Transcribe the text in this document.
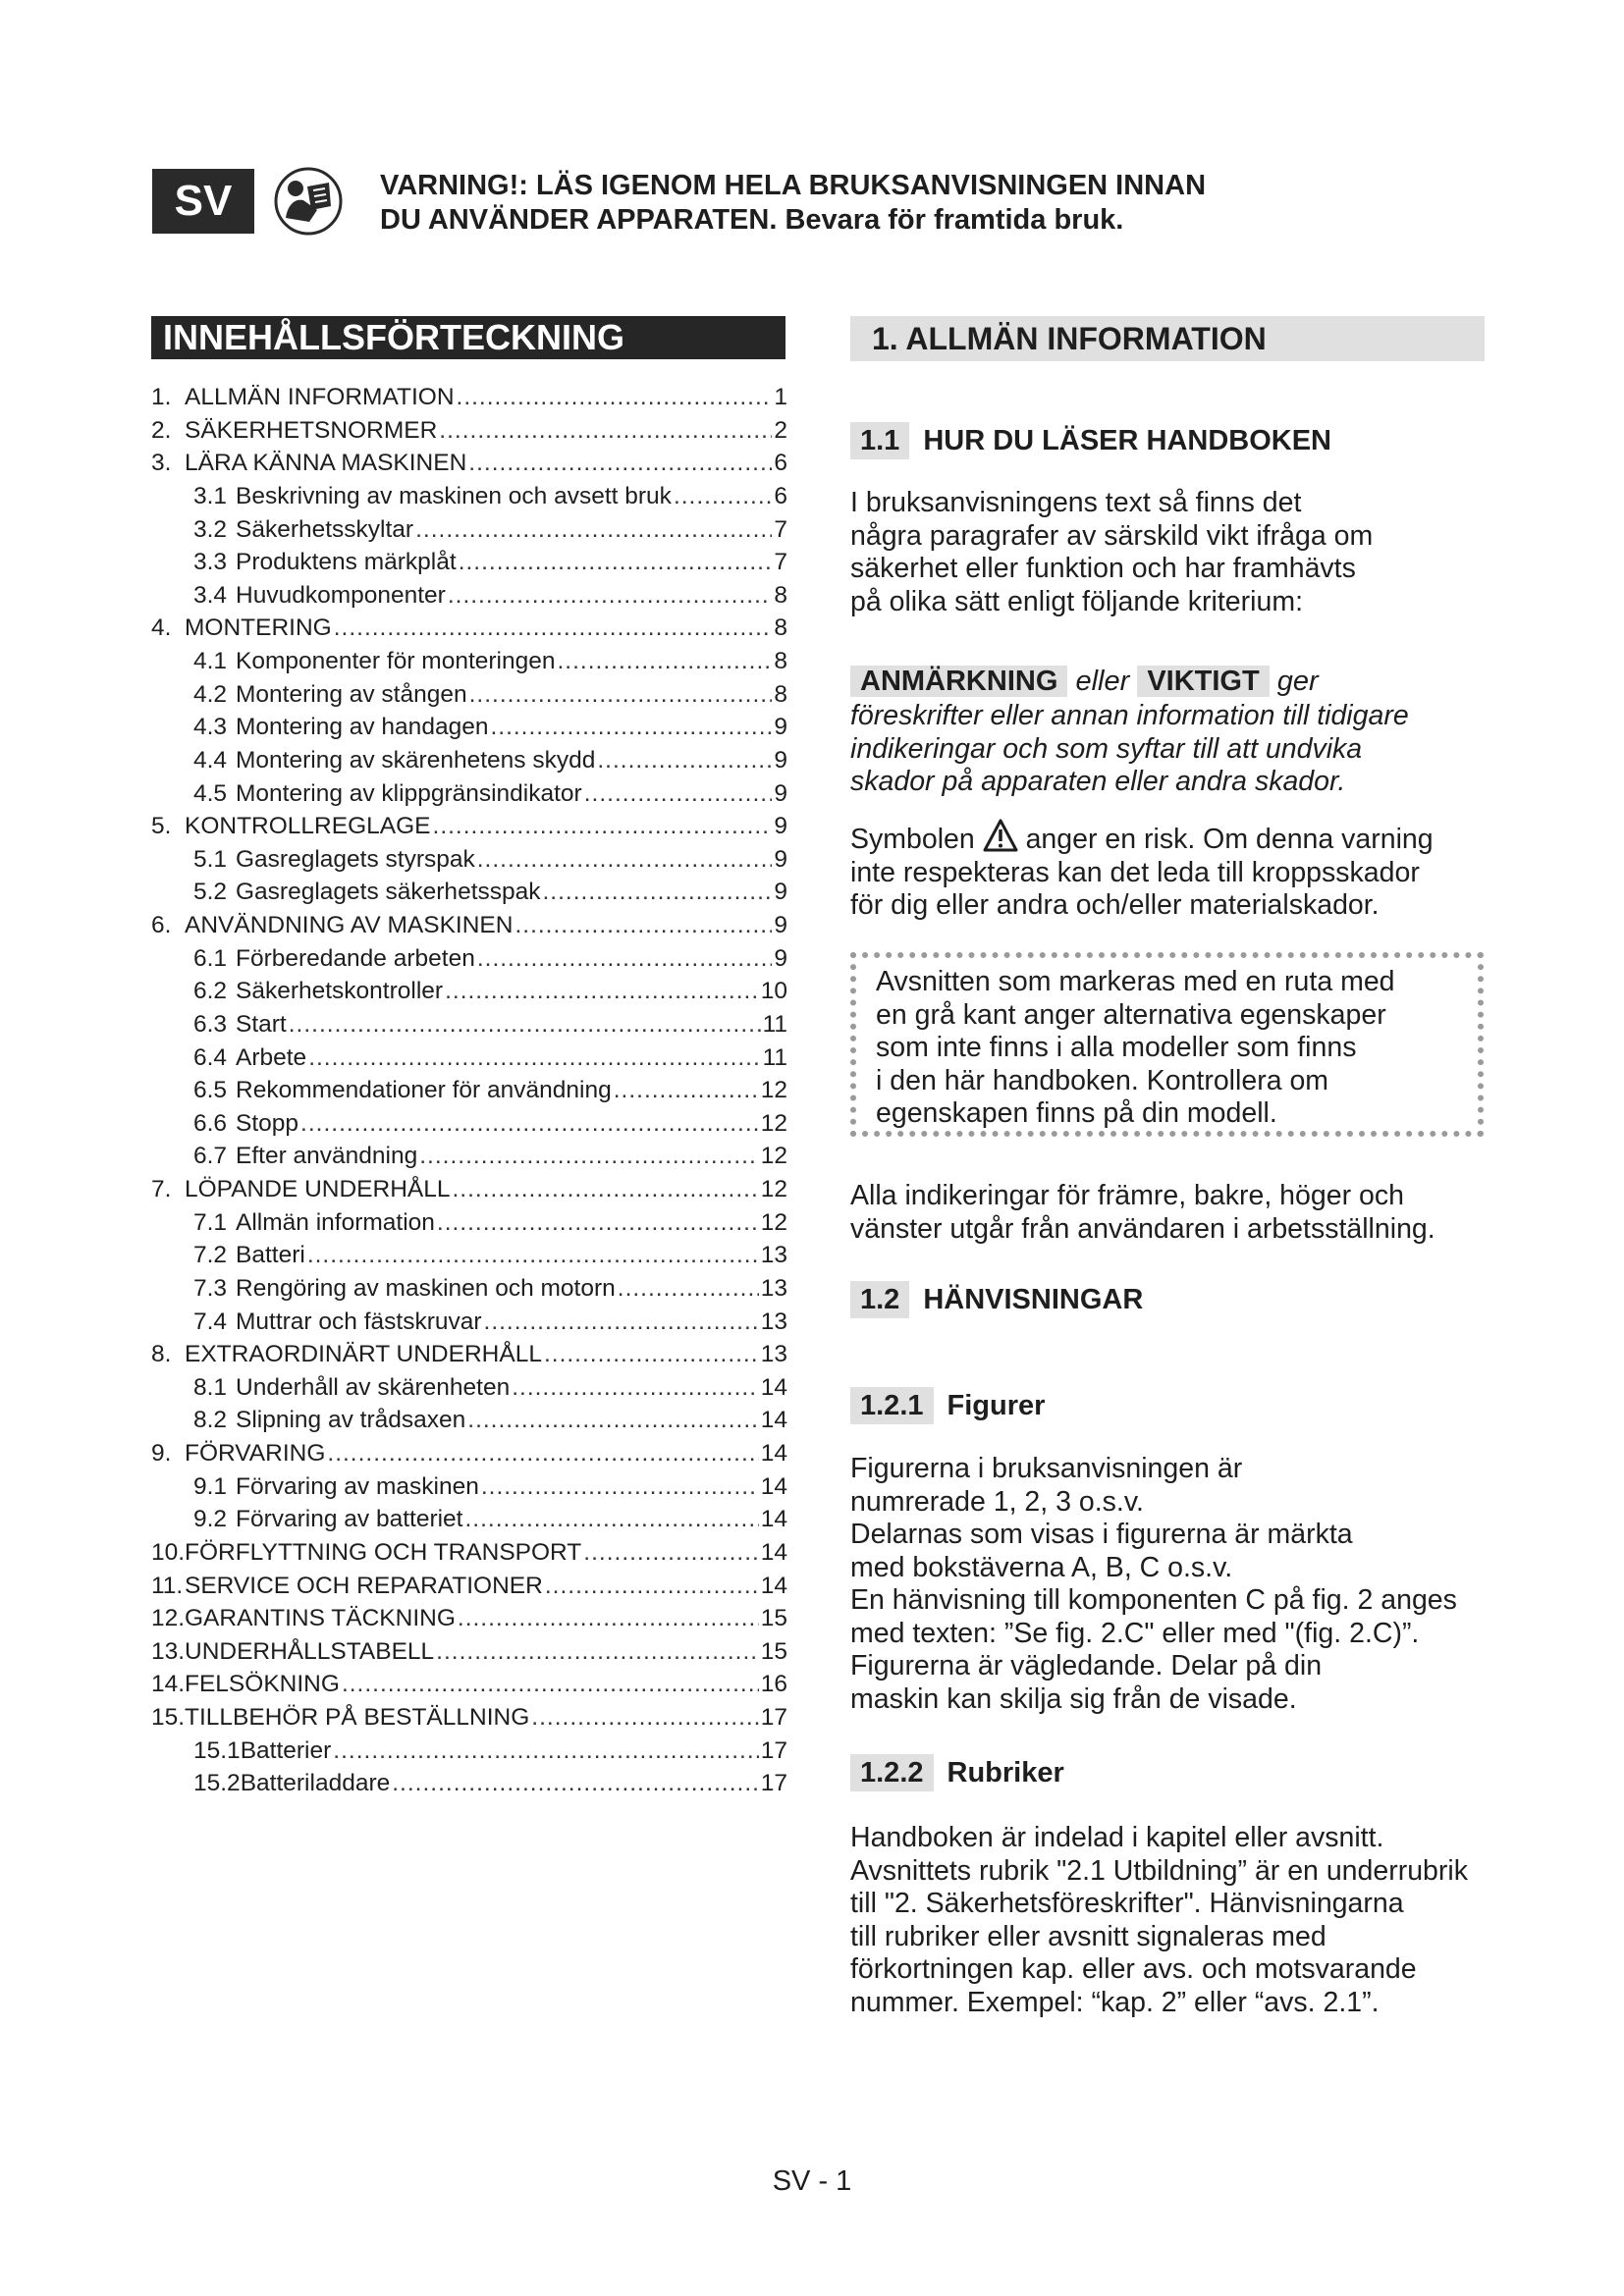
SV	VARNING!: LÄS IGENOM HELA BRUKSANVISNINGEN INNAN
DU ANVÄNDER APPARATEN. Bevara för framtida bruk.
INNEHÅLLSFÖRTECKNING
1. ALLMÄN INFORMATION .....	1
2. SÄKERHETSNORMER .....	2
3. LÄRA KÄNNA MASKINEN .....	6
3.1 Beskrivning av maskinen och avsett bruk .....	6
3.2 Säkerhetsskyltar .....	7
3.3 Produktens märkplåt .....	7
3.4 Huvudkomponenter .....	8
4. MONTERING .....	8
4.1 Komponenter för monteringen .....	8
4.2 Montering av stången .....	8
4.3 Montering av handagen .....	9
4.4 Montering av skärenhetens skydd .....	9
4.5 Montering av klippgränsindikator .....	9
5. KONTROLLREGLAGE .....	9
5.1 Gasreglagets styrspak .....	9
5.2 Gasreglagets säkerhetsspak .....	9
6. ANVÄNDNING AV MASKINEN .....	9
6.1 Förberedande arbeten .....	9
6.2 Säkerhetskontroller .....	10
6.3 Start .....	11
6.4 Arbete .....	11
6.5 Rekommendationer för användning .....	12
6.6 Stopp .....	12
6.7 Efter användning .....	12
7. LÖPANDE UNDERHÅLL .....	12
7.1 Allmän information .....	12
7.2 Batteri .....	13
7.3 Rengöring av maskinen och motorn .....	13
7.4 Muttrar och fästskruvar .....	13
8. EXTRAORDINÄRT UNDERHÅLL .....	13
8.1 Underhåll av skärenheten .....	14
8.2 Slipning av trådsaxen .....	14
9. FÖRVARING .....	14
9.1 Förvaring av maskinen .....	14
9.2 Förvaring av batteriet .....	14
10. FÖRFLYTTNING OCH TRANSPORT .....	14
11. SERVICE OCH REPARATIONER .....	14
12. GARANTINS TÄCKNING .....	15
13. UNDERHÅLLSTABELL .....	15
14. FELSÖKNING .....	16
15. TILLBEHÖR PÅ BESTÄLLNING .....	17
15.1 Batterier .....	17
15.2 Batteriladdare .....	17
1. ALLMÄN INFORMATION
1.1 HUR DU LÄSER HANDBOKEN
I bruksanvisningens text så finns det
några paragrafer av särskild vikt ifråga om
säkerhet eller funktion och har framhävts
på olika sätt enligt följande kriterium:
ANMÄRKNING eller VIKTIGT ger
föreskrifter eller annan information till tidigare
indikeringar och som syftar till att undvika
skador på apparaten eller andra skador.
Symbolen anger en risk. Om denna varning
inte respekteras kan det leda till kroppsskador
för dig eller andra och/eller materialskador.
Avsnitten som markeras med en ruta med
en grå kant anger alternativa egenskaper
som inte finns i alla modeller som finns
i den här handboken. Kontrollera om
egenskapen finns på din modell.
Alla indikeringar för främre, bakre, höger och
vänster utgår från användaren i arbetsställning.
1.2 HÄNVISNINGAR
1.2.1 Figurer
Figurerna i bruksanvisningen är
numrerade 1, 2, 3 o.s.v.
Delarnas som visas i figurerna är märkta
med bokstäverna A, B, C o.s.v.
En hänvisning till komponenten C på fig. 2 anges
med texten: ”Se fig. 2.C" eller med "(fig. 2.C)”.
Figurerna är vägledande. Delar på din
maskin kan skilja sig från de visade.
1.2.2 Rubriker
Handboken är indelad i kapitel eller avsnitt.
Avsnittets rubrik "2.1 Utbildning” är en underrubrik
till "2. Säkerhetsföreskrifter". Hänvisningarna
till rubriker eller avsnitt signaleras med
förkortningen kap. eller avs. och motsvarande
nummer. Exempel: “kap. 2” eller “avs. 2.1”.
SV - 1
